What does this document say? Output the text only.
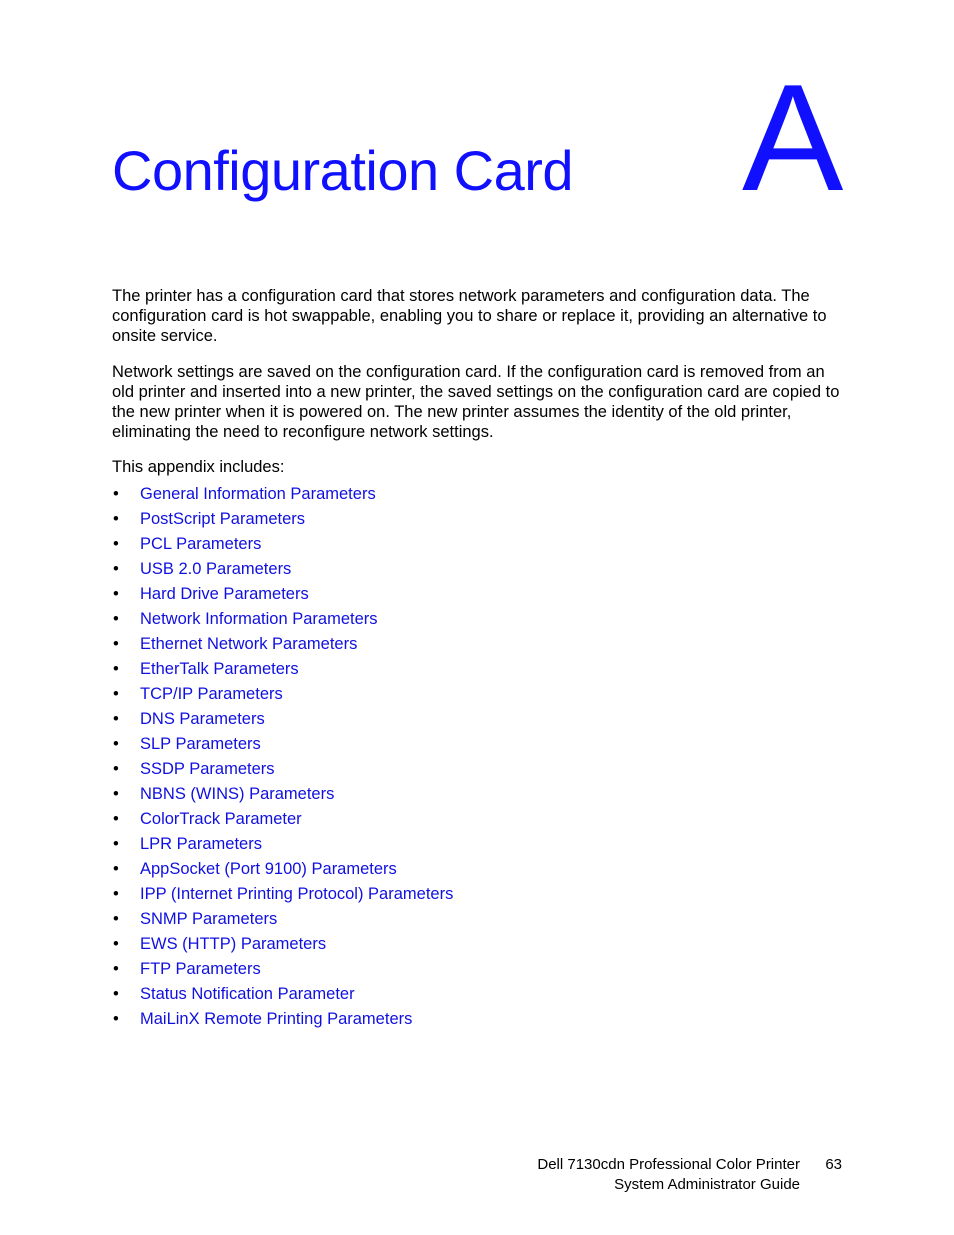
A
Configuration Card

The printer has a configuration card that stores network parameters and configuration data. The configuration card is hot swappable, enabling you to share or replace it, providing an alternative to onsite service.

Network settings are saved on the configuration card. If the configuration card is removed from an old printer and inserted into a new printer, the saved settings on the configuration card are copied to the new printer when it is powered on. The new printer assumes the identity of the old printer, eliminating the need to reconfigure network settings.

This appendix includes:

• General Information Parameters
• PostScript Parameters
• PCL Parameters
• USB 2.0 Parameters
• Hard Drive Parameters
• Network Information Parameters
• Ethernet Network Parameters
• EtherTalk Parameters
• TCP/IP Parameters
• DNS Parameters
• SLP Parameters
• SSDP Parameters
• NBNS (WINS) Parameters
• ColorTrack Parameter
• LPR Parameters
• AppSocket (Port 9100) Parameters
• IPP (Internet Printing Protocol) Parameters
• SNMP Parameters
• EWS (HTTP) Parameters
• FTP Parameters
• Status Notification Parameter
• MaiLinX Remote Printing Parameters
Dell 7130cdn Professional Color Printer
System Administrator Guide
63
